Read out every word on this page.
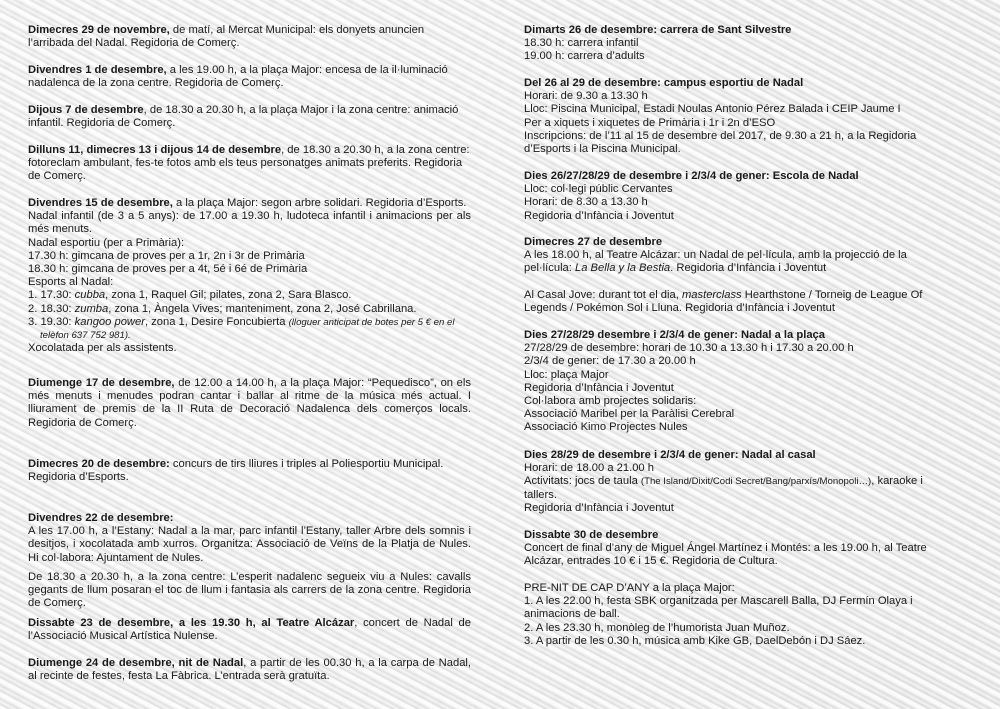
Dimecres 29 de novembre, de matí, al Mercat Municipal: els donyets anuncien l’arribada del Nadal. Regidoria de Comerç.

Divendres 1 de desembre, a les 19.00 h, a la plaça Major: encesa de la il·luminació nadalenca de la zona centre. Regidoria de Comerç.

Dijous 7 de desembre, de 18.30 a 20.30 h, a la plaça Major i la zona centre: animació infantil. Regidoria de Comerç.

Dilluns 11, dimecres 13 i dijous 14 de desembre, de 18.30 a 20.30 h, a la zona centre: fotoreclam ambulant, fes-te fotos amb els teus personatges animats preferits. Regidoria de Comerç.

Divendres 15 de desembre, a la plaça Major: segon arbre solidari. Regidoria d’Esports.

Nadal infantil (de 3 a 5 anys): de 17.00 a 19.30 h, ludoteca infantil i animacions per als més menuts.

Nadal esportiu (per a Primària):

17.30 h: gimcana de proves per a 1r, 2n i 3r de Primària

18.30 h: gimcana de proves per a 4t, 5é i 6é de Primària

Esports al Nadal:

1. 17.30: cubba, zona 1, Raquel Gil; pilates, zona 2, Sara Blasco.

2. 18.30: zumba, zona 1, Àngela Vives; manteniment, zona 2, José Cabrillana.

3. 19.30: kangoo power, zona 1, Desire Foncubierta (lloguer anticipat de botes per 5 € en el telèfon 637 752 981).

Xocolatada per als assistents.

Diumenge 17 de desembre, de 12.00 a 14.00 h, a la plaça Major: “Pequedisco”, on els més menuts i menudes podran cantar i ballar al ritme de la música més actual. I lliurament de premis de la II Ruta de Decoració Nadalenca dels comerços locals. Regidoria de Comerç.

Dimecres 20 de desembre: concurs de tirs lliures i triples al Poliesportiu Municipal. Regidoria d’Esports.

Divendres 22 de desembre:

A les 17.00 h, a l’Estany: Nadal a la mar, parc infantil l’Estany, taller Arbre dels somnis i desitjos, i xocolatada amb xurros. Organitza: Associació de Veïns de la Platja de Nules. Hi col·labora: Ajuntament de Nules.

De 18.30 a 20.30 h, a la zona centre: L’esperit nadalenc segueix viu a Nules: cavalls gegants de llum posaran el toc de llum i fantasia als carrers de la zona centre. Regidoria de Comerç.

Dissabte 23 de desembre, a les 19.30 h, al Teatre Alcázar, concert de Nadal de l’Associació Musical Artística Nulense.

Diumenge 24 de desembre, nit de Nadal, a partir de les 00.30 h, a la carpa de Nadal, al recinte de festes, festa La Fàbrica. L’entrada serà gratuïta.

Dimarts 26 de desembre: carrera de Sant Silvestre

18.30 h: carrera infantil

19.00 h: carrera d’adults

Del 26 al 29 de desembre: campus esportiu de Nadal

Horari: de 9.30 a 13.30 h

Lloc: Piscina Municipal, Estadi Noulas Antonio Pérez Balada i CEIP Jaume I

Per a xiquets i xiquetes de Primària i 1r i 2n d’ESO

Inscripcions: de l’11 al 15 de desembre del 2017, de 9.30 a 21 h, a la Regidoria d’Esports i la Piscina Municipal.

Dies 26/27/28/29 de desembre i 2/3/4 de gener: Escola de Nadal

Lloc: col·legi públic Cervantes

Horari: de 8.30 a 13.30 h

Regidoria d’Infància i Joventut

Dimecres 27 de desembre

A les 18.00 h, al Teatre Alcázar: un Nadal de pel·lícula, amb la projecció de la pel·lícula: La Bella y la Bestia. Regidoria d’Infància i Joventut

Al Casal Jove: durant tot el dia, masterclass Hearthstone / Torneig de League Of Legends / Pokémon Sol i Lluna. Regidoria d’Infància i Joventut

Dies 27/28/29 desembre i 2/3/4 de gener: Nadal a la plaça

27/28/29 de desembre: horari de 10.30 a 13.30 h i 17.30 a 20.00 h

2/3/4 de gener: de 17.30 a 20.00 h

Lloc: plaça Major

Regidoria d’Infància i Joventut

Col·labora amb projectes solidaris:

Associació Maribel per la Paràlisi Cerebral

Associació Kimo Projectes Nules

Dies 28/29 de desembre i 2/3/4 de gener: Nadal al casal

Horari: de 18.00 a 21.00 h

Activitats: jocs de taula (The Island/Dixit/Codi Secret/Bang/parxís/Monopoli…), karaoke i tallers.

Regidoria d’Infància i Joventut

Dissabte 30 de desembre

Concert de final d’any de Miguel Ángel Martínez i Montés: a les 19.00 h, al Teatre Alcázar, entrades 10 € i 15 €. Regidoria de Cultura.

PRE-NIT DE CAP D’ANY a la plaça Major:

1. A les 22.00 h, festa SBK organitzada per Mascarell Balla, DJ Fermín Olaya i animacions de ball.

2. A les 23.30 h, monòleg de l’humorista Juan Muñoz.

3. A partir de les 0.30 h, música amb Kike GB, DaelDebón i DJ Sáez.
